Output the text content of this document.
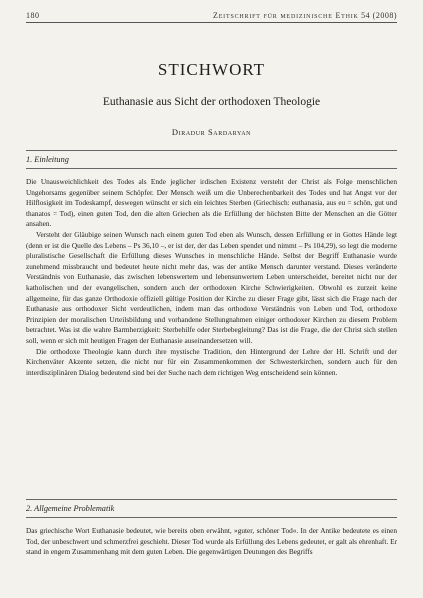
180	Zeitschrift für medizinische Ethik 54 (2008)
STICHWORT
Euthanasie aus Sicht der orthodoxen Theologie
Diradur Sardaryan
1. Einleitung

Die Unausweichlichkeit des Todes als Ende jeglicher irdischen Existenz versteht der Christ als Folge menschlichen Ungehorsams gegenüber seinem Schöpfer. Der Mensch weiß um die Unberechenbarkeit des Todes und hat Angst vor der Hilflosigkeit im Todeskampf, deswegen wünscht er sich ein leichtes Sterben (Griechisch: euthanasia, aus eu = schön, gut und thanatos = Tod), einen guten Tod, den die alten Griechen als die Erfüllung der höchsten Bitte der Menschen an die Götter ansahen.

Versteht der Gläubige seinen Wunsch nach einem guten Tod eben als Wunsch, dessen Erfüllung er in Gottes Hände legt (denn er ist die Quelle des Lebens – Ps 36,10 –, er ist der, der das Leben spendet und nimmt – Ps 104,29), so legt die moderne pluralistische Gesellschaft die Erfüllung dieses Wunsches in menschliche Hände. Selbst der Begriff Euthanasie wurde zunehmend missbraucht und bedeutet heute nicht mehr das, was der antike Mensch darunter verstand. Dieses veränderte Verständnis von Euthanasie, das zwischen lebenswertem und lebensunwertem Leben unterscheidet, bereitet nicht nur der katholischen und der evangelischen, sondern auch der orthodoxen Kirche Schwierigkeiten. Obwohl es zurzeit keine allgemeine, für das ganze Orthodoxie offiziell gültige Position der Kirche zu dieser Frage gibt, lässt sich die Frage nach der Euthanasie aus orthodoxer Sicht verdeutlichen, indem man das orthodoxe Verständnis von Leben und Tod, orthodoxe Prinzipien der moralischen Urteilsbildung und vorhandene Stellungnahmen einiger orthodoxer Kirchen zu diesem Problem betrachtet. Was ist die wahre Barmherzigkeit: Sterbehilfe oder Sterbebegleitung? Das ist die Frage, die der Christ sich stellen soll, wenn er sich mit heutigen Fragen der Euthanasie auseinandersetzen will.

Die orthodoxe Theologie kann durch ihre mystische Tradition, den Hintergrund der Lehre der Hl. Schrift und der Kirchenväter Akzente setzen, die nicht nur für ein Zusammenkommen der Schwesterkirchen, sondern auch für den interdisziplinären Dialog bedeutend sind bei der Suche nach dem richtigen Weg entscheidend sein können.

2. Allgemeine Problematik

Das griechische Wort Euthanasie bedeutet, wie bereits oben erwähnt, »guter, schöner Tod«. In der Antike bedeutete es einen Tod, der unbeschwert und schmerzfrei geschieht. Dieser Tod wurde als Erfüllung des Lebens gedeutet, er galt als ehrenhaft. Er stand in engem Zusammenhang mit dem guten Leben. Die gegenwärtigen Deutungen des Begriffs
